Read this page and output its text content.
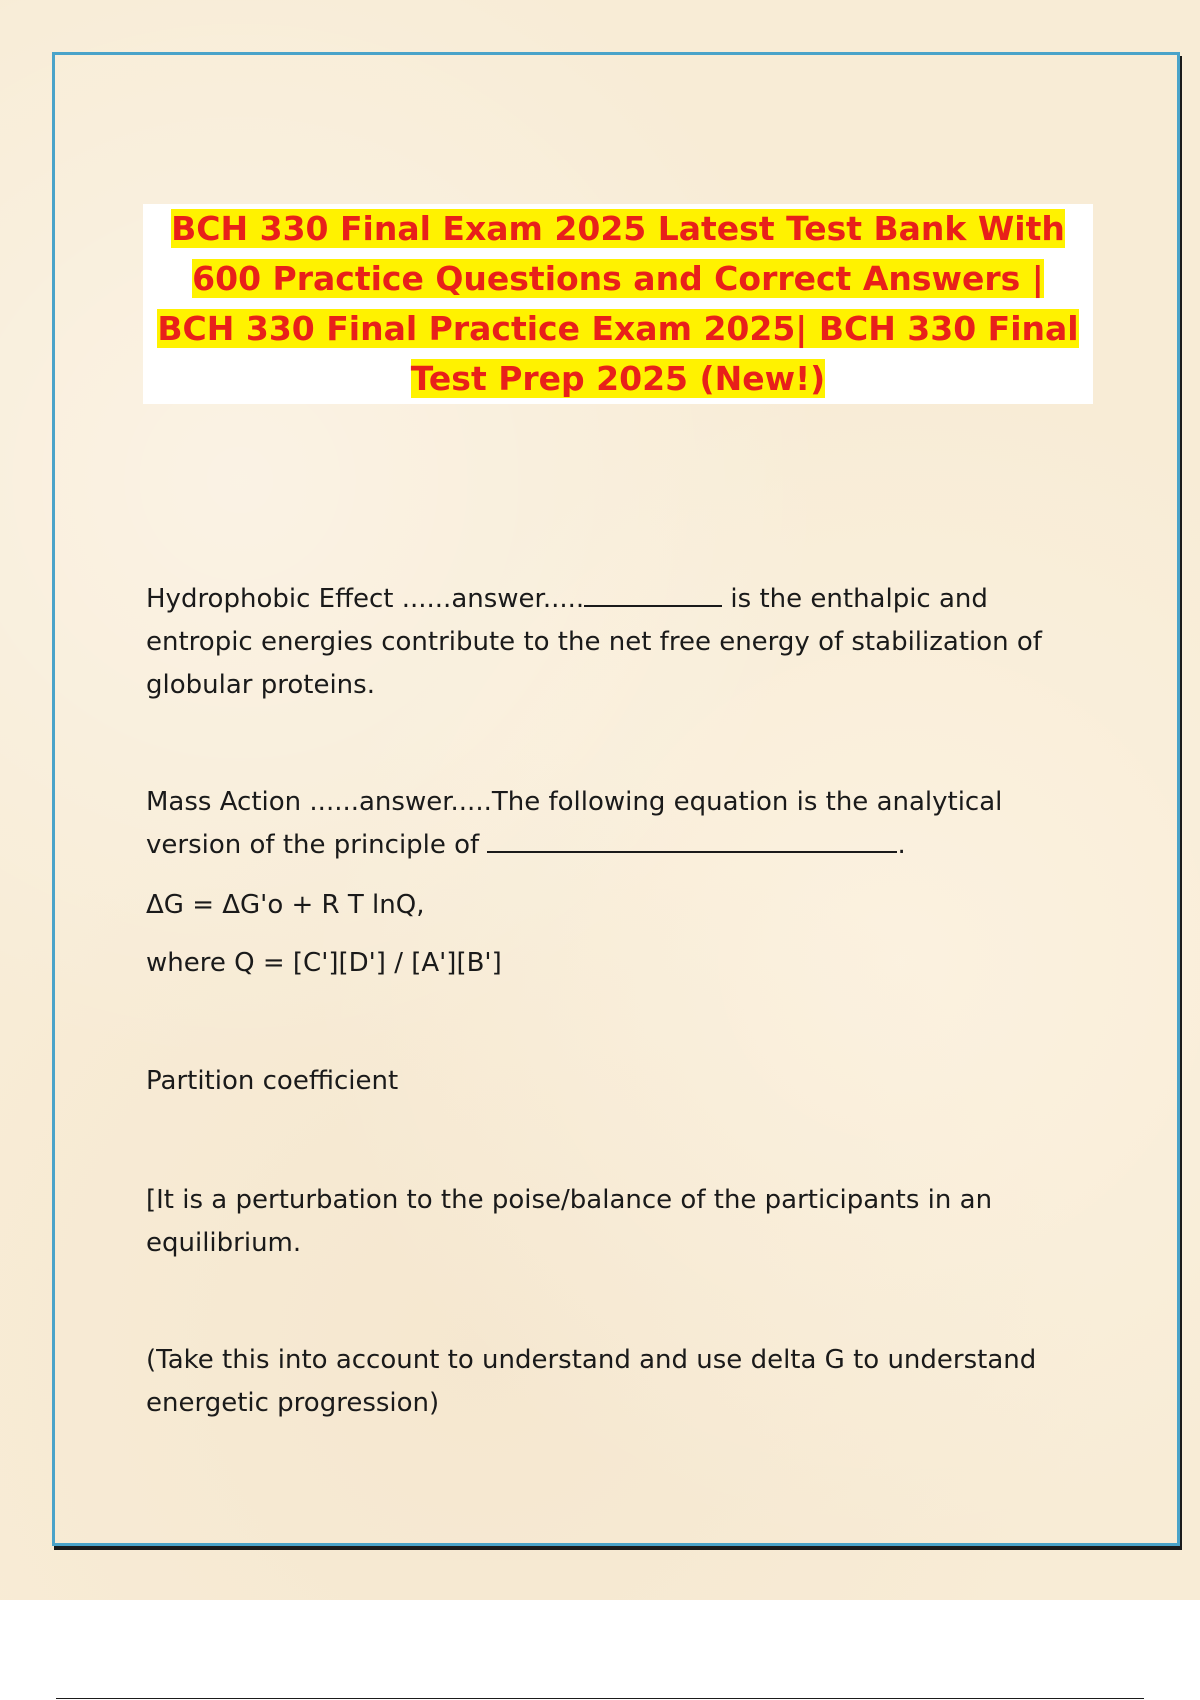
BCH 330 Final Exam 2025 Latest Test Bank With 600 Practice Questions and Correct Answers | BCH 330 Final Practice Exam 2025| BCH 330 Final Test Prep 2025 (New!)

Hydrophobic Effect ......answer.....	is the enthalpic and

entropic energies contribute to the net free energy of stabilization of

globular proteins.

Mass Action ......answer.....The following equation is the analytical

version of the principle of	.

ΔG = ΔG'o + R T lnQ,

where Q = [C'][D'] / [A'][B']

Partition coefficient

[It is a perturbation to the poise/balance of the participants in an

equilibrium.

(Take this into account to understand and use delta G to understand

energetic progression)
